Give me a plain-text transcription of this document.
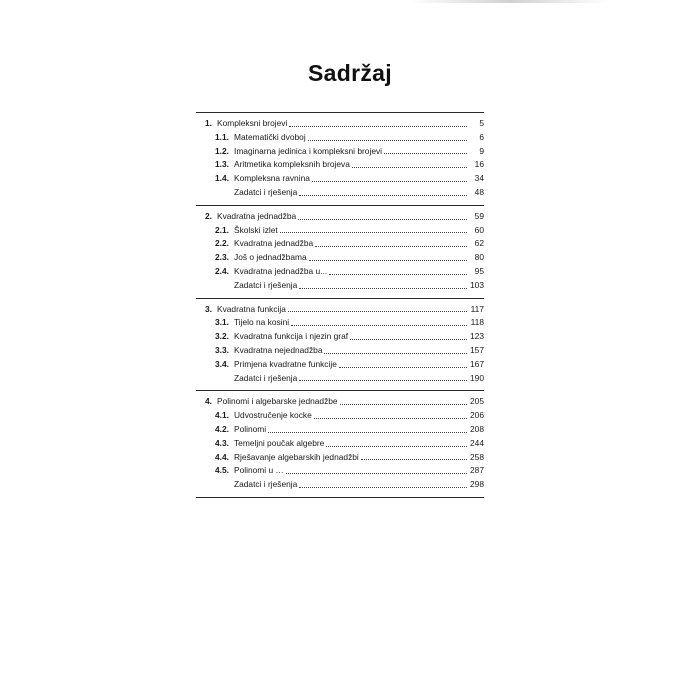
Sadržaj
1. Kompleksni brojevi	5
1.1. Matematički dvoboj	6
1.2. Imaginarna jedinica i kompleksni brojevi	9
1.3. Aritmetika kompleksnih brojeva	16
1.4. Kompleksna ravnina	34
Zadatci i rješenja	48
2. Kvadratna jednadžba	59
2.1. Školski izlet	60
2.2. Kvadratna jednadžba	62
2.3. Još o jednadžbama	80
2.4. Kvadratna jednadžba u...	95
Zadatci i rješenja	103
3. Kvadratna funkcija	117
3.1. Tijelo na kosini	118
3.2. Kvadratna funkcija i njezin graf	123
3.3. Kvadratna nejednadžba	157
3.4. Primjena kvadratne funkcije	167
Zadatci i rješenja	190
4. Polinomi i algebarske jednadžbe	205
4.1. Udvostručenje kocke	206
4.2. Polinomi	208
4.3. Temeljni poučak algebre	244
4.4. Rješavanje algebarskih jednadžbi	258
4.5. Polinomi u …	287
Zadatci i rješenja	298
